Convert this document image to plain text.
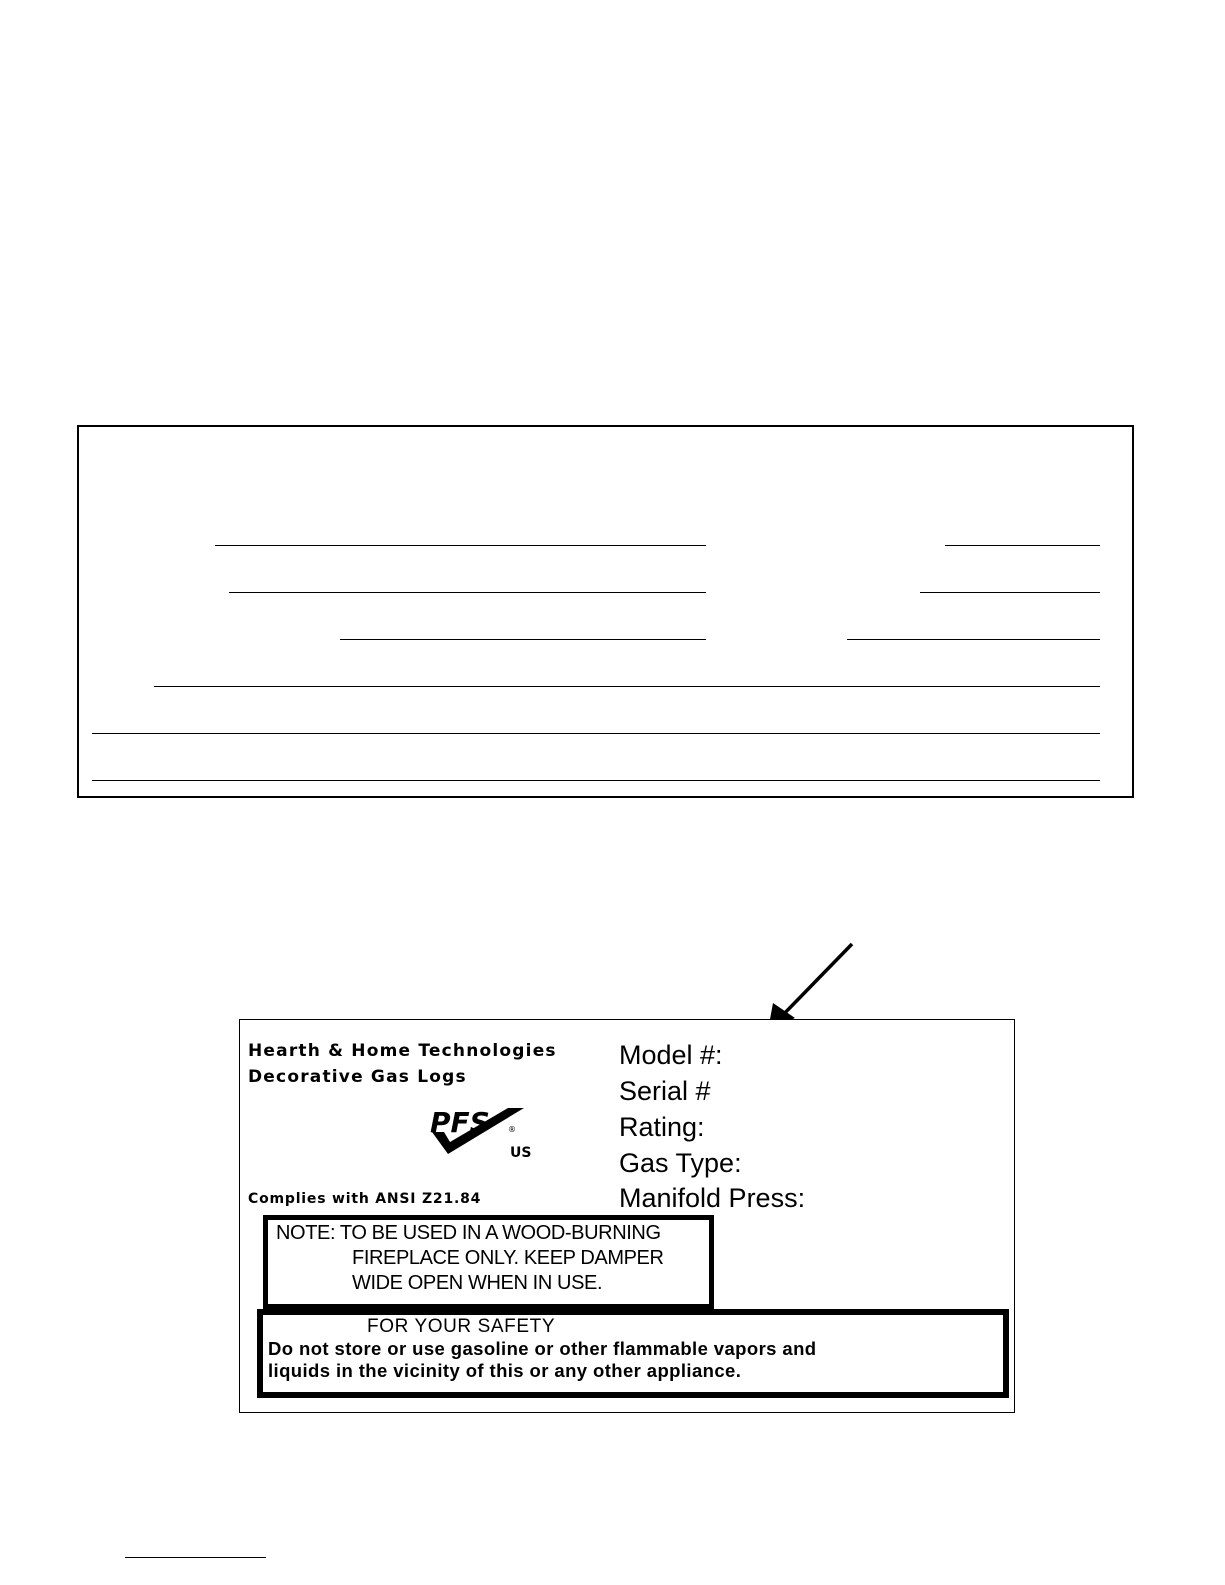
Hearth & Home Technologies
Decorative Gas Logs
PFS ®
US
Complies with ANSI Z21.84
Model #:
Serial #
Rating:
Gas Type:
Manifold Press:
NOTE: TO BE USED IN A WOOD-BURNING
FIREPLACE ONLY. KEEP DAMPER
WIDE OPEN WHEN IN USE.
FOR YOUR SAFETY
Do not store or use gasoline or other flammable vapors and
liquids in the vicinity of this or any other appliance.
